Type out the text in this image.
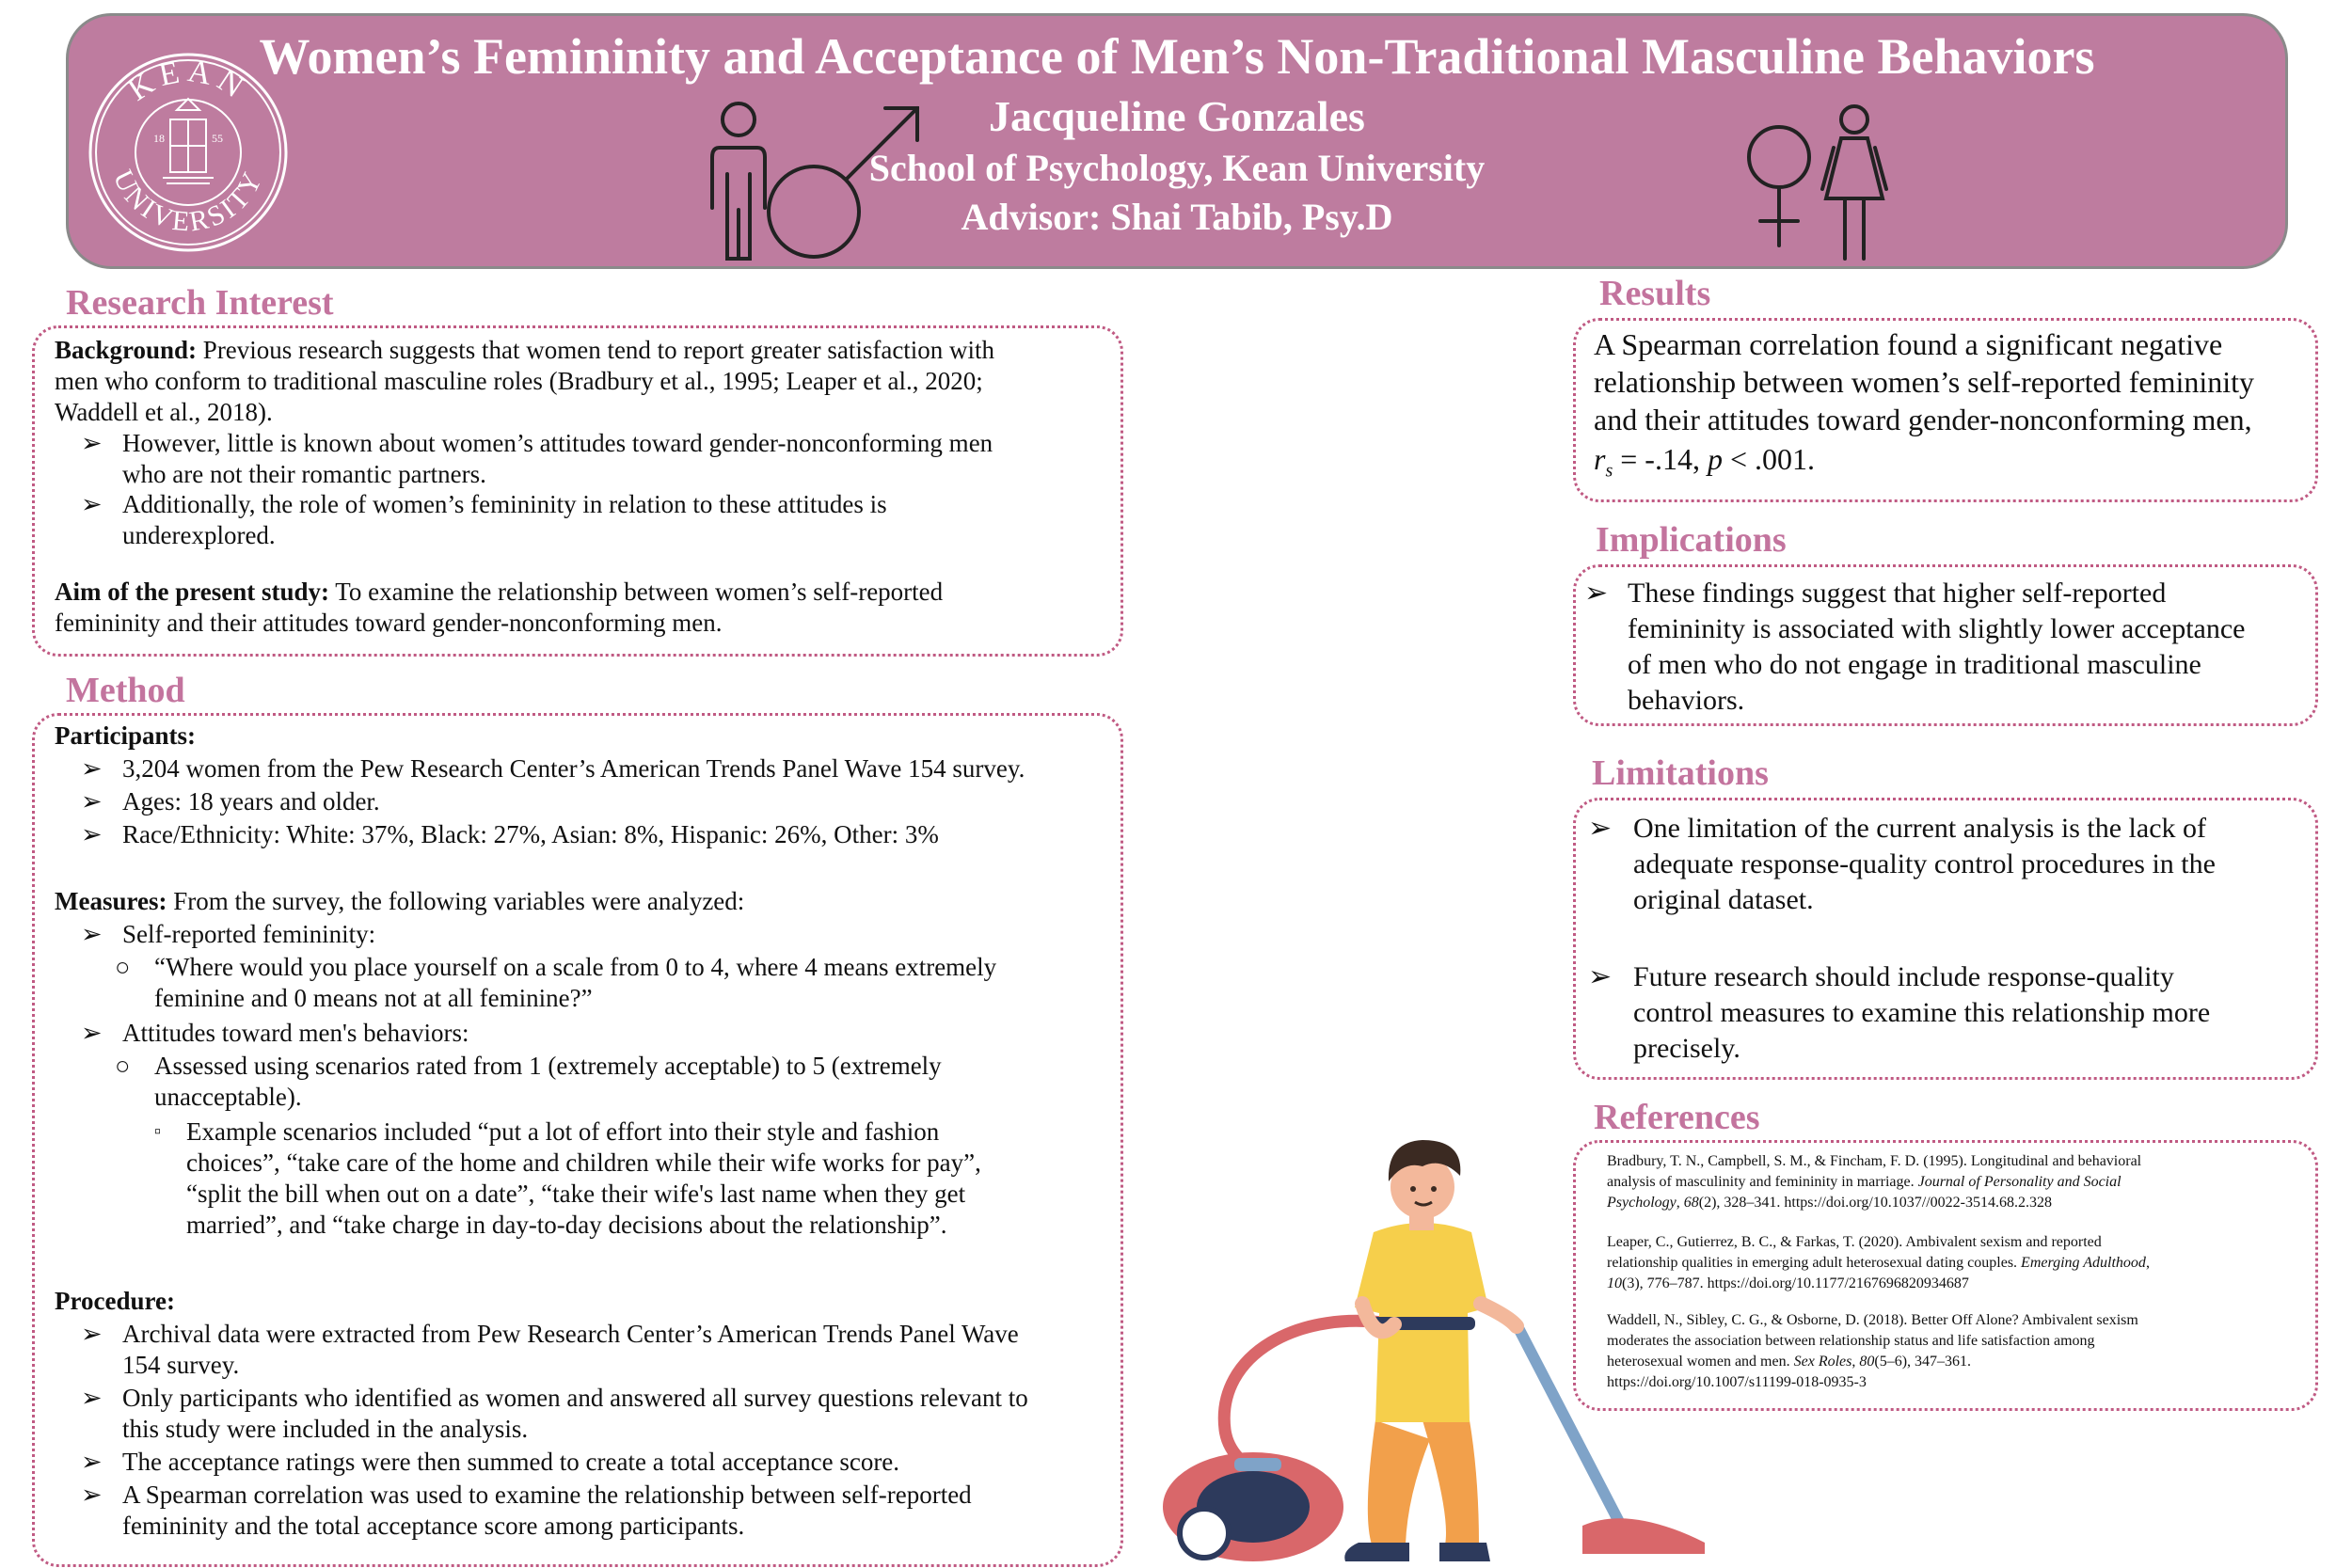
Women’s Femininity and Acceptance of Men’s Non-Traditional Masculine Behaviors
Jacqueline Gonzales
School of Psychology, Kean University
Advisor: Shai Tabib, Psy.D
KEAN
UNIVERSITY
18	55
Research Interest
Background: Previous research suggests that women tend to report greater satisfaction with
men who conform to traditional masculine roles (Bradbury et al., 1995; Leaper et al., 2020;
Waddell et al., 2018).
➢ However, little is known about women’s attitudes toward gender-nonconforming men
who are not their romantic partners.
➢ Additionally, the role of women’s femininity in relation to these attitudes is
underexplored.
Aim of the present study: To examine the relationship between women’s self-reported
femininity and their attitudes toward gender-nonconforming men.
Method
Participants:
➢ 3,204 women from the Pew Research Center’s American Trends Panel Wave 154 survey.
➢ Ages: 18 years and older.
➢ Race/Ethnicity: White: 37%, Black: 27%, Asian: 8%, Hispanic: 26%, Other: 3%
Measures: From the survey, the following variables were analyzed:
➢ Self-reported femininity:
○ “Where would you place yourself on a scale from 0 to 4, where 4 means extremely
feminine and 0 means not at all feminine?”
➢ Attitudes toward men's behaviors:
○ Assessed using scenarios rated from 1 (extremely acceptable) to 5 (extremely
unacceptable).
▫ Example scenarios included “put a lot of effort into their style and fashion
choices”, “take care of the home and children while their wife works for pay”,
“split the bill when out on a date”, “take their wife's last name when they get
married”, and “take charge in day-to-day decisions about the relationship”.
Procedure:
➢ Archival data were extracted from Pew Research Center’s American Trends Panel Wave
154 survey.
➢ Only participants who identified as women and answered all survey questions relevant to
this study were included in the analysis.
➢ The acceptance ratings were then summed to create a total acceptance score.
➢ A Spearman correlation was used to examine the relationship between self-reported
femininity and the total acceptance score among participants.
Results
A Spearman correlation found a significant negative
relationship between women’s self-reported femininity
and their attitudes toward gender-nonconforming men,
$r_s = -.14$, p < .001.
Implications
➢ These findings suggest that higher self-reported
femininity is associated with slightly lower acceptance
of men who do not engage in traditional masculine
behaviors.
Limitations
➢ One limitation of the current analysis is the lack of
adequate response-quality control procedures in the
original dataset.
➢ Future research should include response-quality
control measures to examine this relationship more
precisely.
References
Bradbury, T. N., Campbell, S. M., & Fincham, F. D. (1995). Longitudinal and behavioral
analysis of masculinity and femininity in marriage. Journal of Personality and Social
Psychology, 68(2), 328–341. https://doi.org/10.1037//0022-3514.68.2.328
Leaper, C., Gutierrez, B. C., & Farkas, T. (2020). Ambivalent sexism and reported
relationship qualities in emerging adult heterosexual dating couples. Emerging Adulthood,
10(3), 776–787. https://doi.org/10.1177/2167696820934687
Waddell, N., Sibley, C. G., & Osborne, D. (2018). Better Off Alone? Ambivalent sexism
moderates the association between relationship status and life satisfaction among
heterosexual women and men. Sex Roles, 80(5–6), 347–361.
https://doi.org/10.1007/s11199-018-0935-3
